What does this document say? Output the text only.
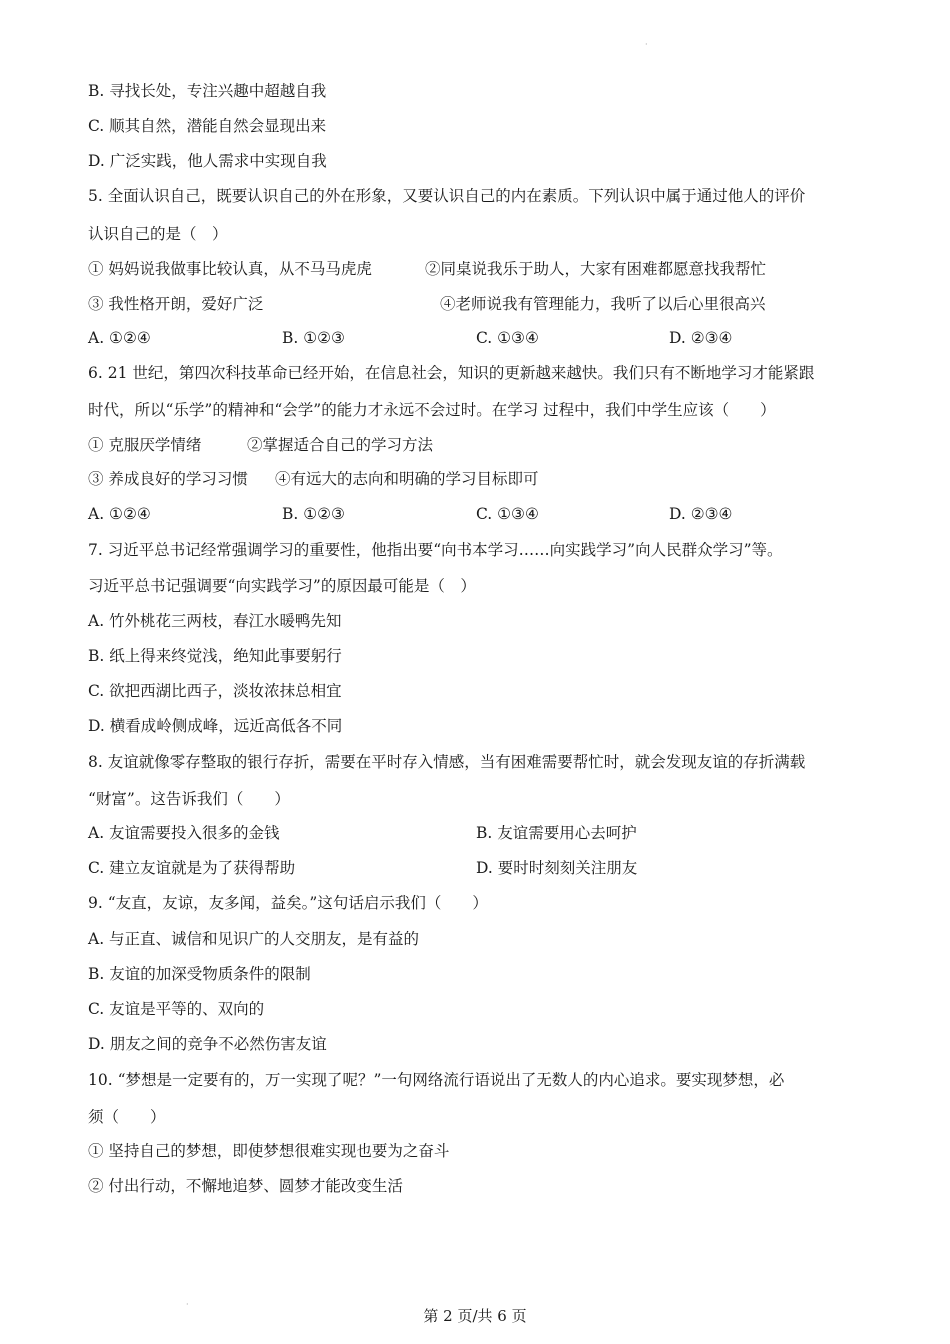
·
B. 寻找长处，专注兴趣中超越自我
C. 顺其自然，潜能自然会显现出来
D. 广泛实践，他人需求中实现自我
5. 全面认识自己，既要认识自己的外在形象，又要认识自己的内在素质。下列认识中属于通过他人的评价
认识自己的是（　）
① 妈妈说我做事比较认真，从不马马虎虎	②同桌说我乐于助人，大家有困难都愿意找我帮忙
③ 我性格开朗，爱好广泛	④老师说我有管理能力，我听了以后心里很高兴
A. ①②④	B. ①②③	C. ①③④	D. ②③④
6. 21 世纪，第四次科技革命已经开始，在信息社会，知识的更新越来越快。我们只有不断地学习才能紧跟
时代，所以“乐学”的精神和“会学”的能力才永远不会过时。在学习 过程中，我们中学生应该（　　）
① 克服厌学情绪	②掌握适合自己的学习方法
③ 养成良好的学习习惯 ④有远大的志向和明确的学习目标即可
A. ①②④	B. ①②③	C. ①③④	D. ②③④
7. 习近平总书记经常强调学习的重要性，他指出要“向书本学习……向实践学习”向人民群众学习”等。
习近平总书记强调要“向实践学习”的原因最可能是（　）
A. 竹外桃花三两枝，春江水暖鸭先知
B. 纸上得来终觉浅，绝知此事要躬行
C. 欲把西湖比西子，淡妆浓抹总相宜
D. 横看成岭侧成峰，远近高低各不同
8. 友谊就像零存整取的银行存折，需要在平时存入情感，当有困难需要帮忙时，就会发现友谊的存折满载
“财富”。这告诉我们（　　）
A. 友谊需要投入很多的金钱	B. 友谊需要用心去呵护
C. 建立友谊就是为了获得帮助	D. 要时时刻刻关注朋友
9. “友直，友谅，友多闻，益矣。”这句话启示我们（　　）
A. 与正直、诚信和见识广的人交朋友，是有益的
B. 友谊的加深受物质条件的限制
C. 友谊是平等的、双向的
D. 朋友之间的竞争不必然伤害友谊
10. “梦想是一定要有的，万一实现了呢？”一句网络流行语说出了无数人的内心追求。要实现梦想，必
须（　　）
① 坚持自己的梦想，即使梦想很难实现也要为之奋斗
② 付出行动，不懈地追梦、圆梦才能改变生活
·
第 2 页/共 6 页
